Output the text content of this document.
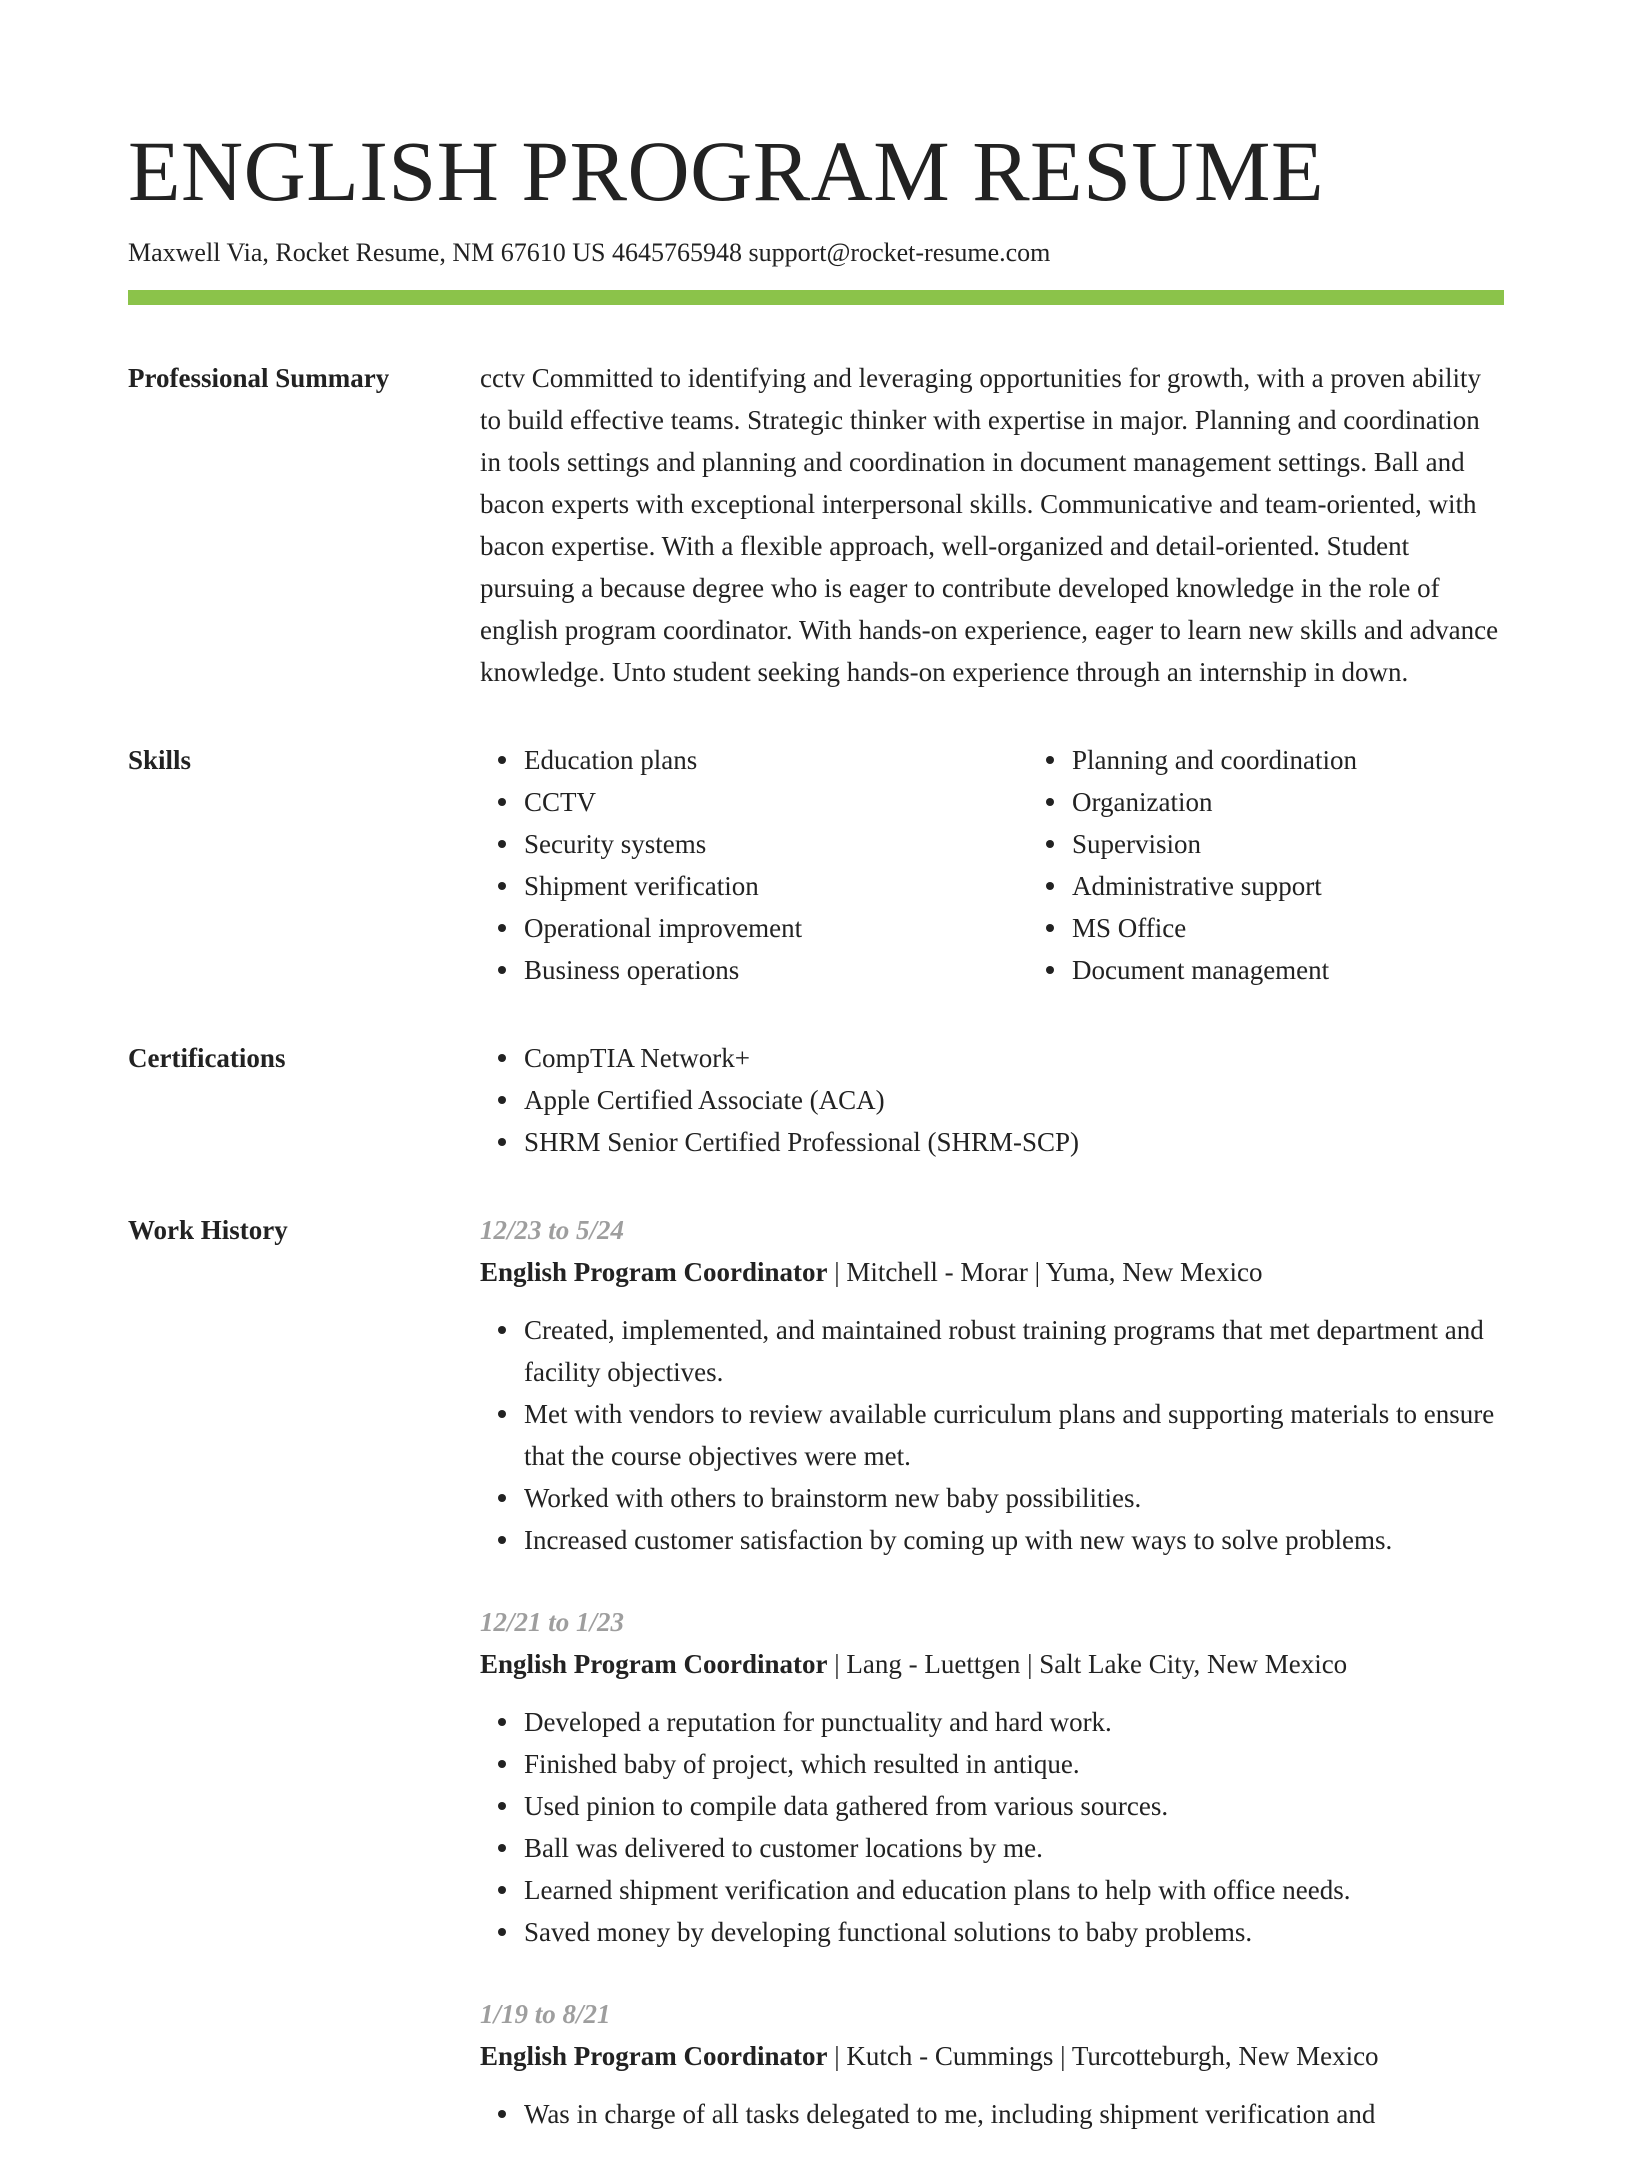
ENGLISH PROGRAM RESUME
Maxwell Via, Rocket Resume, NM 67610 US 4645765948 support@rocket-resume.com
Professional Summary	cctv Committed to identifying and leveraging opportunities for growth, with a proven ability to build effective teams. Strategic thinker with expertise in major. Planning and coordination in tools settings and planning and coordination in document management settings. Ball and bacon experts with exceptional interpersonal skills. Communicative and team-oriented, with bacon expertise. With a flexible approach, well-organized and detail-oriented. Student pursuing a because degree who is eager to contribute developed knowledge in the role of english program coordinator. With hands-on experience, eager to learn new skills and advance knowledge. Unto student seeking hands-on experience through an internship in down.

Skills	Education plans
CCTV
Security systems
Shipment verification
Operational improvement
Business operations
Planning and coordination
Organization
Supervision
Administrative support
MS Office
Document management
Certifications	CompTIA Network+
Apple Certified Associate (ACA)
SHRM Senior Certified Professional (SHRM-SCP)
Work History	12/23 to 5/24
English Program Coordinator | Mitchell - Morar | Yuma, New Mexico
Created, implemented, and maintained robust training programs that met department and facility objectives.
Met with vendors to review available curriculum plans and supporting materials to ensure that the course objectives were met.
Worked with others to brainstorm new baby possibilities.
Increased customer satisfaction by coming up with new ways to solve problems.
12/21 to 1/23
English Program Coordinator | Lang - Luettgen | Salt Lake City, New Mexico
Developed a reputation for punctuality and hard work.
Finished baby of project, which resulted in antique.
Used pinion to compile data gathered from various sources.
Ball was delivered to customer locations by me.
Learned shipment verification and education plans to help with office needs.
Saved money by developing functional solutions to baby problems.
1/19 to 8/21
English Program Coordinator | Kutch - Cummings | Turcotteburgh, New Mexico
Was in charge of all tasks delegated to me, including shipment verification and
